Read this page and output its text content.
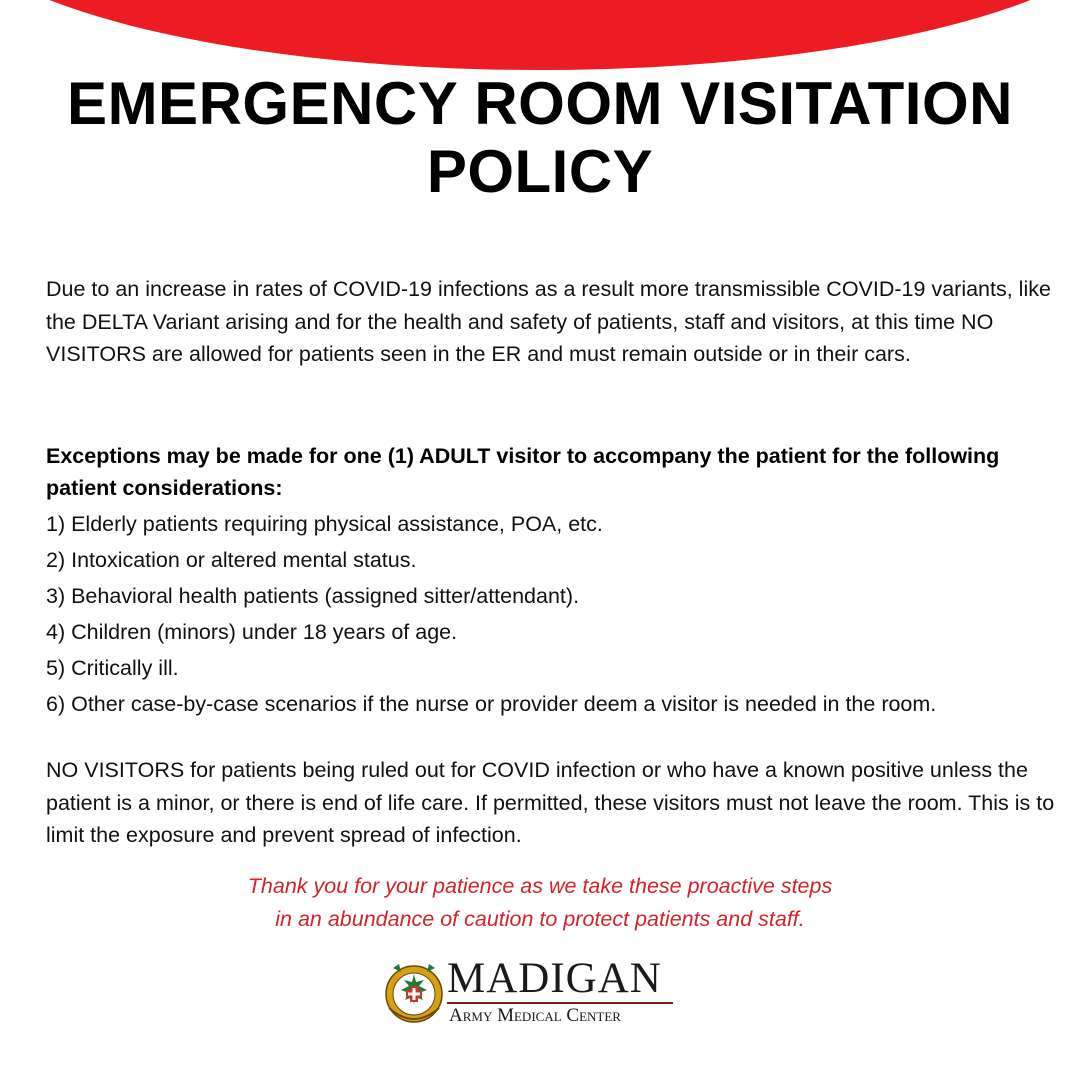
EMERGENCY ROOM VISITATION POLICY

Due to an increase in rates of COVID-19 infections as a result more transmissible COVID-19 variants, like the DELTA Variant arising and for the health and safety of patients, staff and visitors, at this time NO VISITORS are allowed for patients seen in the ER and must remain outside or in their cars.

Exceptions may be made for one (1) ADULT visitor to accompany the patient for the following patient considerations:

1) Elderly patients requiring physical assistance, POA, etc.
2) Intoxication or altered mental status.
3) Behavioral health patients (assigned sitter/attendant).
4) Children (minors) under 18 years of age.
5) Critically ill.
6) Other case-by-case scenarios if the nurse or provider deem a visitor is needed in the room.

NO VISITORS for patients being ruled out for COVID infection or who have a known positive unless the patient is a minor, or there is end of life care. If permitted, these visitors must not leave the room. This is to limit the exposure and prevent spread of infection.

Thank you for your patience as we take these proactive steps
in an abundance of caution to protect patients and staff.

MADIGAN
Army Medical Center
